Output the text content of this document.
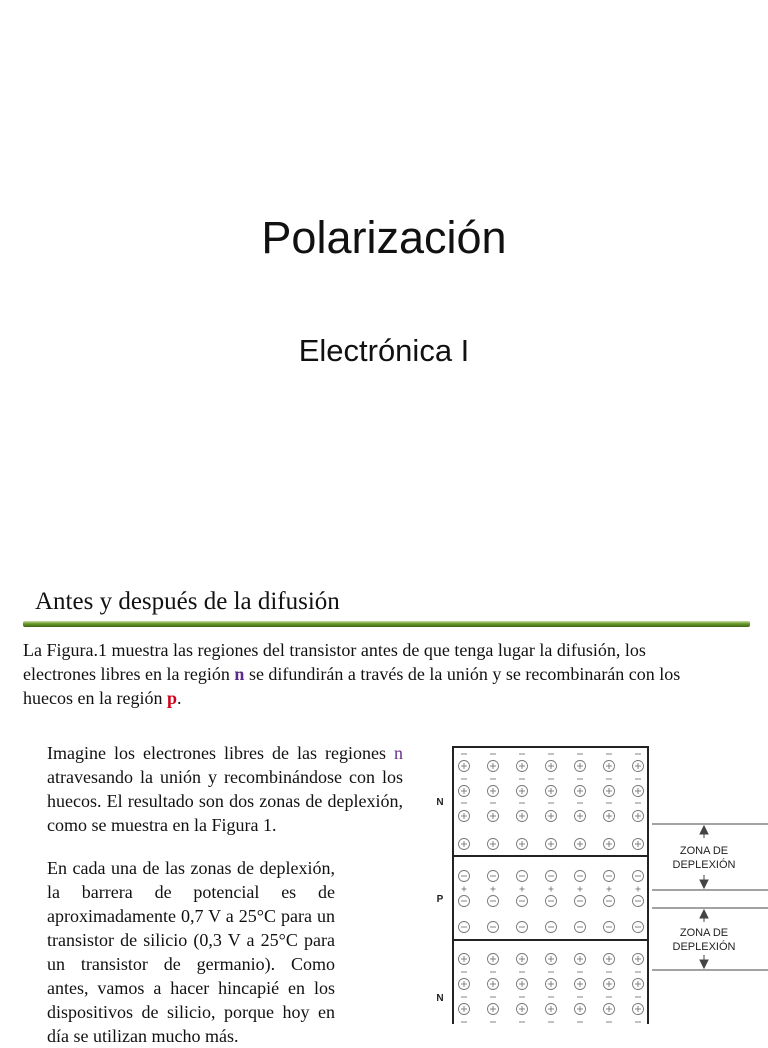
Polarización
Electrónica I
Antes y después de la difusión

La Figura.1 muestra las regiones del transistor antes de que tenga lugar la difusión, los electrones libres en la región n se difundirán a través de la unión y se recombinarán con los huecos en la región p.

Imagine los electrones libres de las regiones n atravesando la unión y recombinándose con los huecos. El resultado son dos zonas de deplexión, como se muestra en la Figura 1.

En cada una de las zonas de deplexión, la barrera de potencial es de aproximadamente 0,7 V a 25°C para un transistor de silicio (0,3 V a 25°C para un transistor de germanio). Como antes, vamos a hacer hincapié en los dispositivos de silicio, porque hoy en día se utilizan mucho más.

N
P
N
ZONA DE
DEPLEXIÓN
ZONA DE
DEPLEXIÓN
